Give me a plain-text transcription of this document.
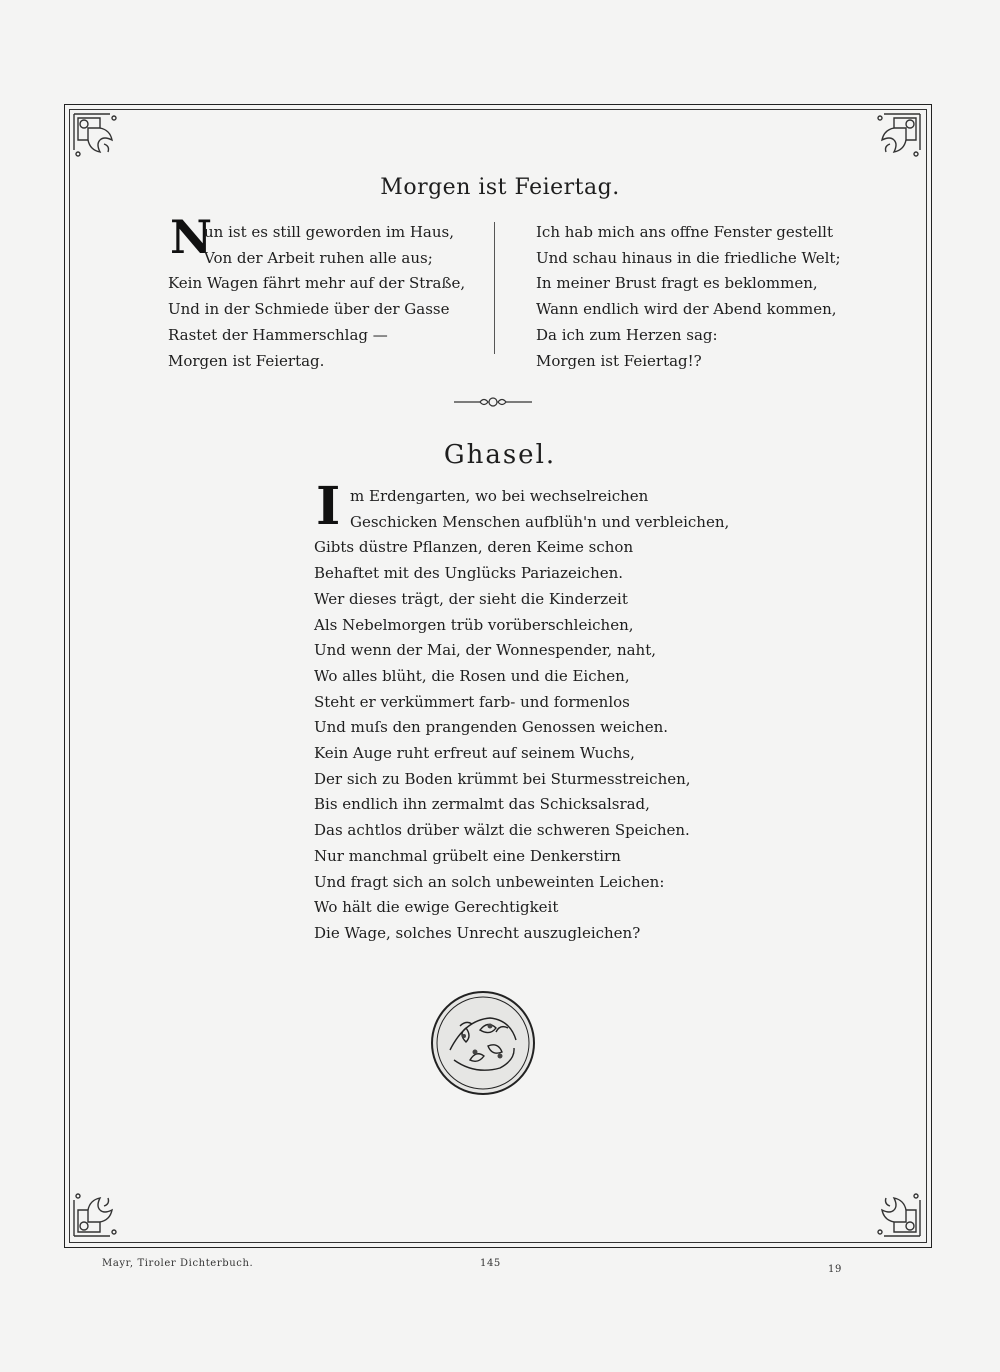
Morgen ist Feiertag.
N
un ist es still geworden im Haus,
Von der Arbeit ruhen alle aus;
Kein Wagen fährt mehr auf der Straße,
Und in der Schmiede über der Gasse
Rastet der Hammerschlag —
Morgen ist Feiertag.
Ich hab mich ans offne Fenster gestellt
Und schau hinaus in die friedliche Welt;
In meiner Brust fragt es beklommen,
Wann endlich wird der Abend kommen,
Da ich zum Herzen sag:
Morgen ist Feiertag!?
Ghasel.
I m Erdengarten, wo bei wechselreichen
Geschicken Menschen aufblüh'n und verbleichen,
Gibts düstre Pflanzen, deren Keime schon
Behaftet mit des Unglücks Pariazeichen.
Wer dieses trägt, der sieht die Kinderzeit
Als Nebelmorgen trüb vorüberschleichen,
Und wenn der Mai, der Wonnespender, naht,
Wo alles blüht, die Rosen und die Eichen,
Steht er verkümmert farb- und formenlos
Und muſs den prangenden Genossen weichen.
Kein Auge ruht erfreut auf seinem Wuchs,
Der sich zu Boden krümmt bei Sturmesstreichen,
Bis endlich ihn zermalmt das Schicksalsrad,
Das achtlos drüber wälzt die schweren Speichen.
Nur manchmal grübelt eine Denkerstirn
Und fragt sich an solch unbeweinten Leichen:
Wo hält die ewige Gerechtigkeit
Die Wage, solches Unrecht auszugleichen?
Mayr, Tiroler Dichterbuch.	145
19
